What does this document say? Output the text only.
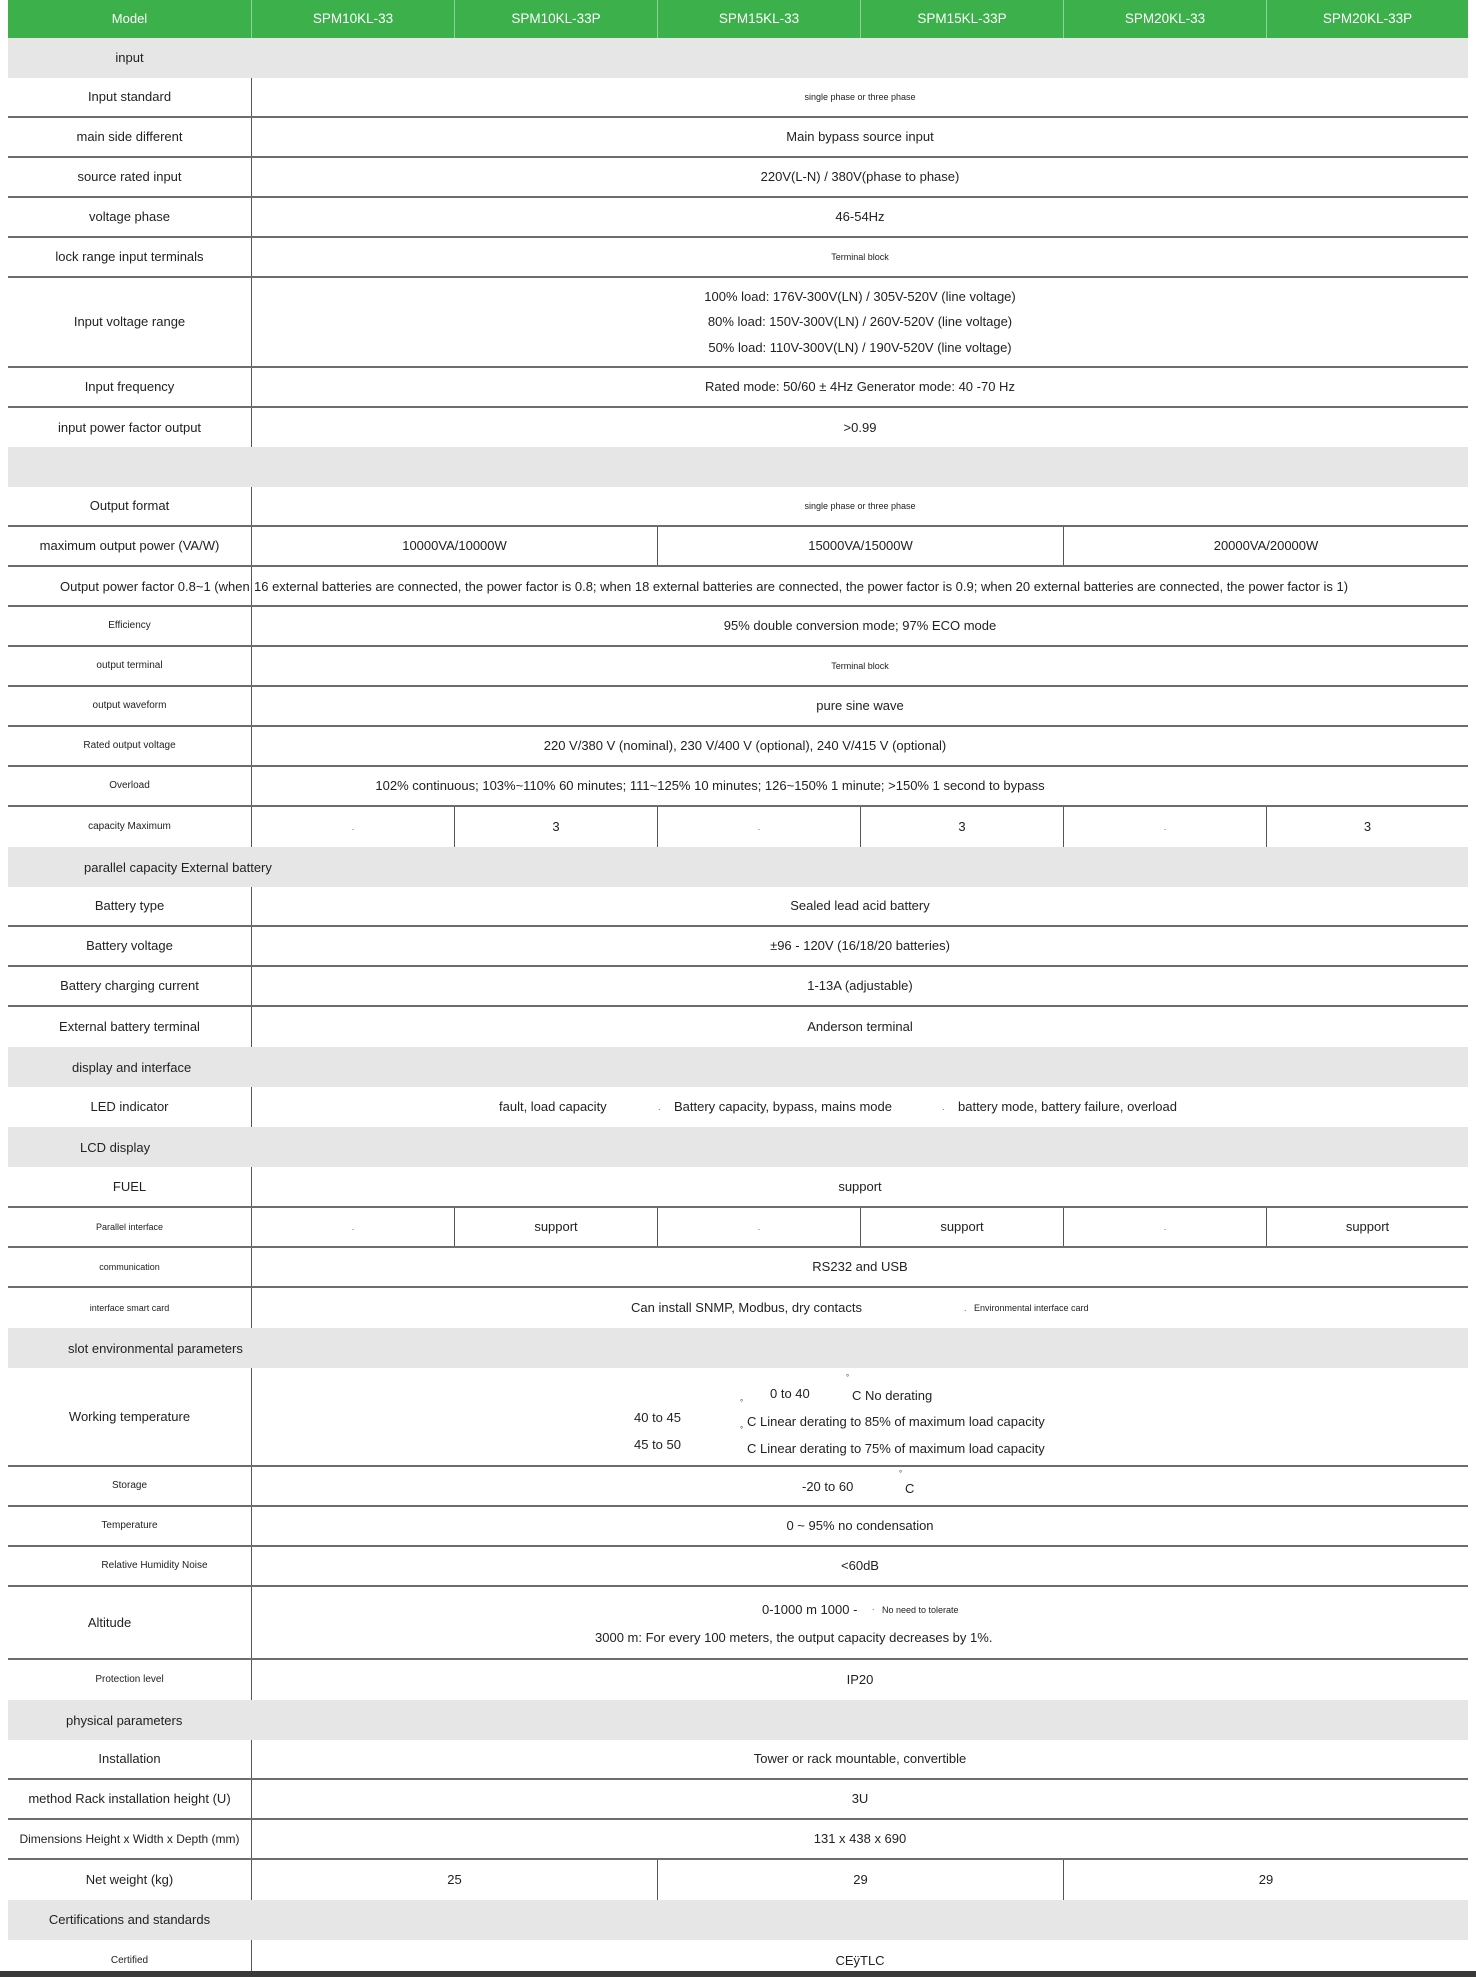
Model	SPM10KL-33	SPM10KL-33P	SPM15KL-33	SPM15KL-33P	SPM20KL-33	SPM20KL-33P
input
Input standard	single phase or three phase
main side different	Main bypass source input
source rated input	220V(L-N) / 380V(phase to phase)
voltage phase	46-54Hz
lock range input terminals	Terminal block
Input voltage range
100% load: 176V-300V(LN) / 305V-520V (line voltage)
80% load: 150V-300V(LN) / 260V-520V (line voltage)
50% load: 110V-300V(LN) / 190V-520V (line voltage)
Input frequency	Rated mode: 50/60 ± 4Hz Generator mode: 40 -70 Hz
input power factor output	>0.99
Output format	single phase or three phase
maximum output power (VA/W)	10000VA/10000W	15000VA/15000W	20000VA/20000W
Output power factor 0.8~1 (when 16 external batteries are connected, the power factor is 0.8; when 18 external batteries are connected, the power factor is 0.9; when 20 external batteries are connected, the power factor is 1)
Efficiency	95% double conversion mode; 97% ECO mode
output terminal	Terminal block
output waveform	pure sine wave
Rated output voltage	220 V/380 V (nominal), 230 V/400 V (optional), 240 V/415 V (optional)
Overload	102% continuous; 103%~110% 60 minutes; 111~125% 10 minutes; 126~150% 1 minute; >150% 1 second to bypass
capacity Maximum	.	3	.	3	.	3
parallel capacity External battery
Battery type	Sealed lead acid battery
Battery voltage	±96 - 120V (16/18/20 batteries)
Battery charging current	1-13A (adjustable)
External battery terminal	Anderson terminal
display and interface
LED indicator	fault, load capacity	. Battery capacity, bypass, mains mode	. battery mode, battery failure, overload
LCD display
FUEL	support
Parallel interface	.	support	.	support	.	support
communication	RS232 and USB
interface smart card	Can install SNMP, Modbus, dry contacts	. Environmental interface card
slot environmental parameters
Working temperature
0 to 40
°
C No derating
40 to 45
°
C Linear derating to 85% of maximum load capacity
45 to 50
°
C Linear derating to 75% of maximum load capacity
Storage	-20 to 60
°
C
Temperature	0 ~ 95% no condensation
Relative Humidity Noise	<60dB
Altitude
0-1000 m 1000 - . No need to tolerate
3000 m: For every 100 meters, the output capacity decreases by 1%.
Protection level	IP20
physical parameters
Installation	Tower or rack mountable, convertible
method Rack installation height (U)	3U
Dimensions Height x Width x Depth (mm)	131 x 438 x 690
Net weight (kg)	25	29	29
Certifications and standards
Certified	CEÿTLC
